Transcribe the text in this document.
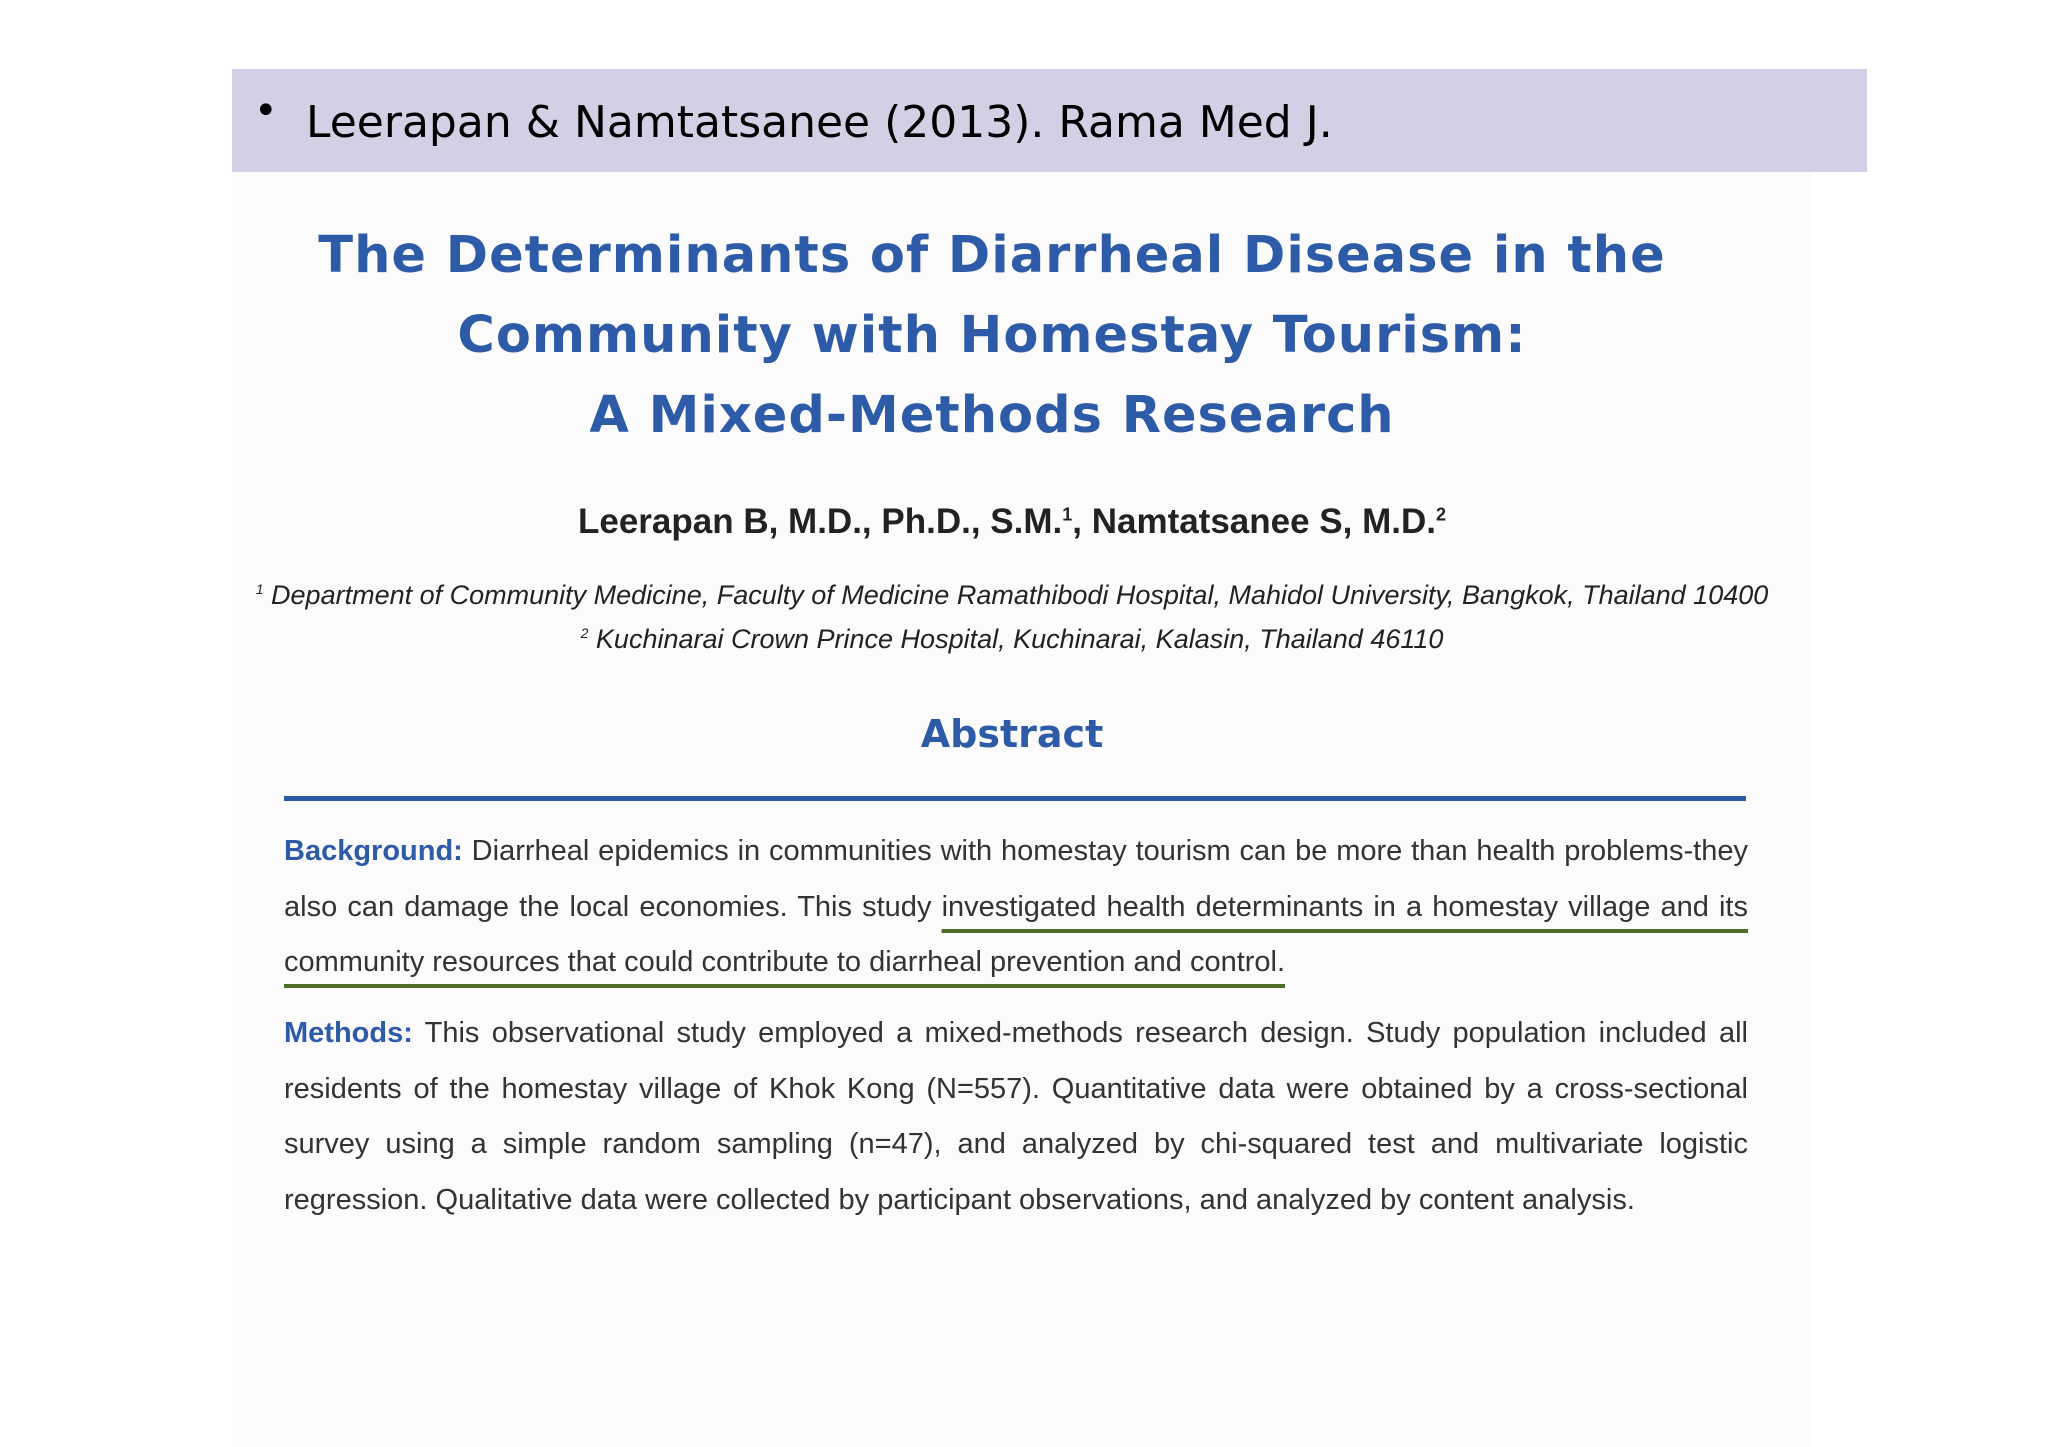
• Leerapan & Namtatsanee (2013). Rama Med J.
The Determinants of Diarrheal Disease in the
Community with Homestay Tourism:
A Mixed-Methods Research
Leerapan B, M.D., Ph.D., S.M.$^1$, Namtatsanee S, M.D.$^2$
$^1$ Department of Community Medicine, Faculty of Medicine Ramathibodi Hospital, Mahidol University, Bangkok, Thailand 10400
$^2$ Kuchinarai Crown Prince Hospital, Kuchinarai, Kalasin, Thailand 46110
Abstract
Background: Diarrheal epidemics in communities with homestay tourism can be more than health problems-they also can damage the local economies. This study investigated health determinants in a homestay village and its community resources that could contribute to diarrheal prevention and control.
Methods: This observational study employed a mixed-methods research design. Study population included all residents of the homestay village of Khok Kong (N=557). Quantitative data were obtained by a cross-sectional survey using a simple random sampling (n=47), and analyzed by chi-squared test and multivariate logistic regression. Qualitative data were collected by participant observations, and analyzed by content analysis.
